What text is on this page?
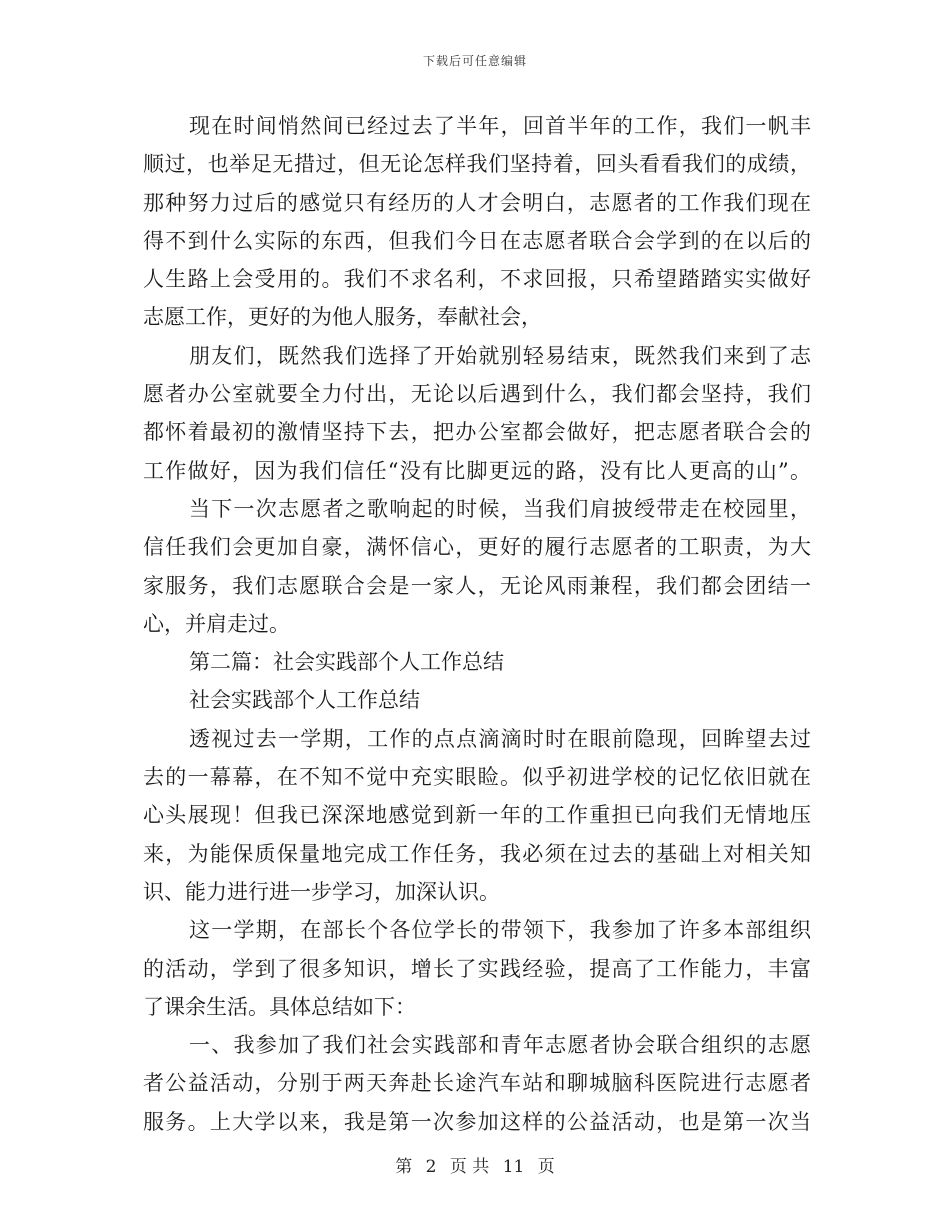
下载后可任意编辑
现在时间悄然间已经过去了半年，回首半年的工作，我们一帆丰
顺过，也举足无措过，但无论怎样我们坚持着，回头看看我们的成绩，
那种努力过后的感觉只有经历的人才会明白，志愿者的工作我们现在
得不到什么实际的东西，但我们今日在志愿者联合会学到的在以后的
人生路上会受用的。我们不求名利，不求回报，只希望踏踏实实做好
志愿工作，更好的为他人服务，奉献社会，
朋友们，既然我们选择了开始就别轻易结束，既然我们来到了志
愿者办公室就要全力付出，无论以后遇到什么，我们都会坚持，我们
都怀着最初的激情坚持下去，把办公室都会做好，把志愿者联合会的
工作做好，因为我们信任“没有比脚更远的路，没有比人更高的山”。
当下一次志愿者之歌响起的时候，当我们肩披绶带走在校园里，
信任我们会更加自豪，满怀信心，更好的履行志愿者的工职责，为大
家服务，我们志愿联合会是一家人，无论风雨兼程，我们都会团结一
心，并肩走过。
第二篇：社会实践部个人工作总结
社会实践部个人工作总结
透视过去一学期，工作的点点滴滴时时在眼前隐现，回眸望去过
去的一幕幕，在不知不觉中充实眼睑。似乎初进学校的记忆依旧就在
心头展现！但我已深深地感觉到新一年的工作重担已向我们无情地压
来，为能保质保量地完成工作任务，我必须在过去的基础上对相关知
识、能力进行进一步学习，加深认识。
这一学期，在部长个各位学长的带领下，我参加了许多本部组织
的活动，学到了很多知识，增长了实践经验，提高了工作能力，丰富
了课余生活。具体总结如下：
一、我参加了我们社会实践部和青年志愿者协会联合组织的志愿
者公益活动，分别于两天奔赴长途汽车站和聊城脑科医院进行志愿者
服务。上大学以来，我是第一次参加这样的公益活动，也是第一次当
第 2 页 共 11 页
